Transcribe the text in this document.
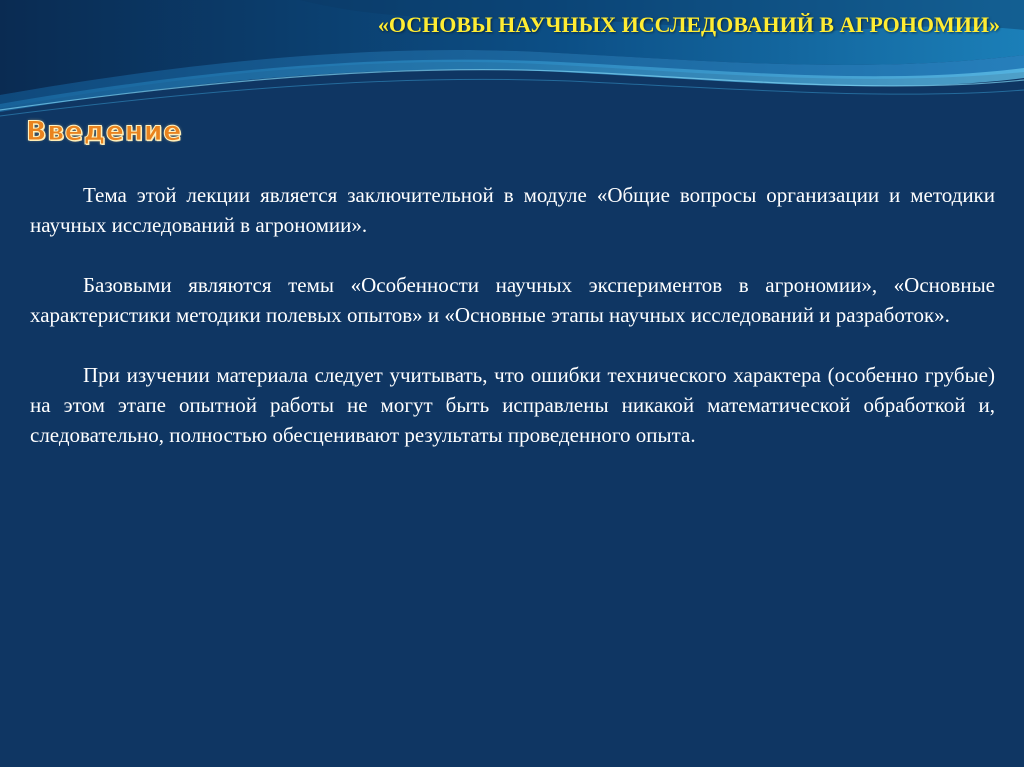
«ОСНОВЫ НАУЧНЫХ ИССЛЕДОВАНИЙ В АГРОНОМИИ»
Введение

Тема этой лекции является заключительной в модуле «Общие вопросы организации и методики научных исследований в агрономии».

Базовыми являются темы «Особенности научных экспериментов в агрономии», «Основные характеристики методики полевых опытов» и «Основные этапы научных исследований и разработок».

При изучении материала следует учитывать, что ошибки технического характера (особенно грубые) на этом этапе опытной работы не могут быть исправлены никакой математической обработкой и, следовательно, полностью обесценивают результаты проведенного опыта.
